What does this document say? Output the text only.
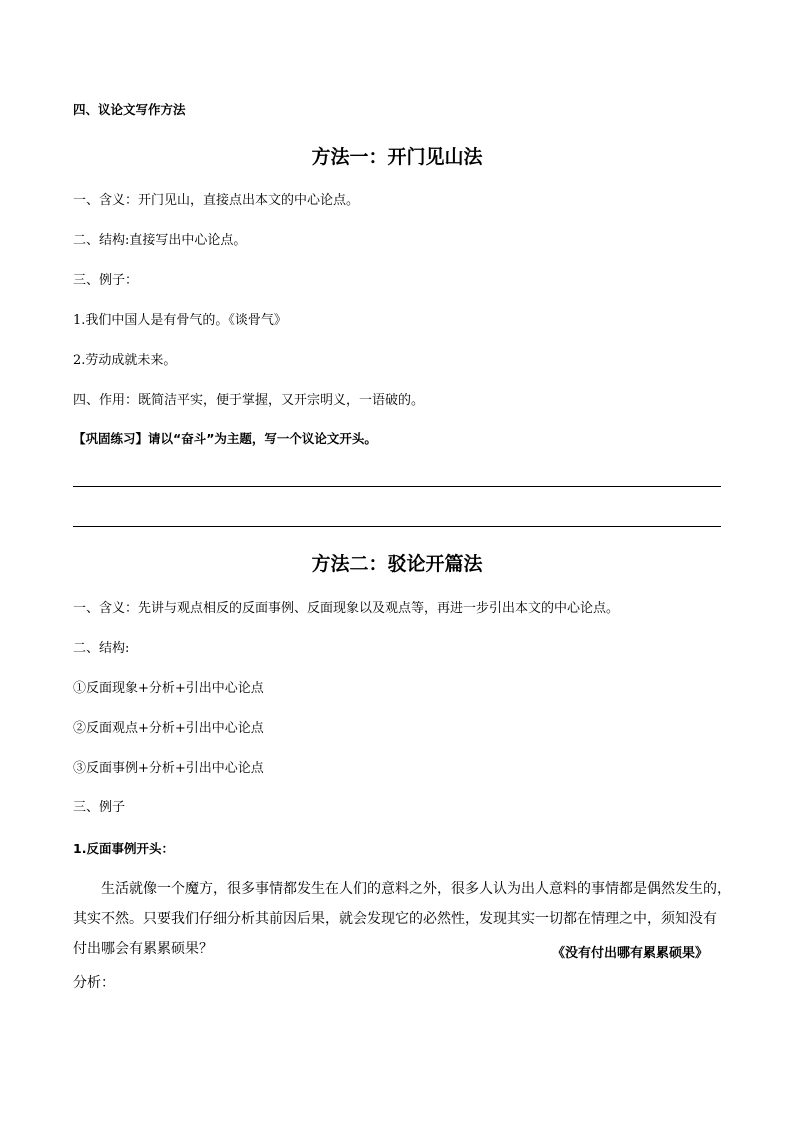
四、议论文写作方法
方法一：开门见山法
一、含义：开门见山，直接点出本文的中心论点。
二、结构:直接写出中心论点。
三、例子：
1.我们中国人是有骨气的。《谈骨气》
2.劳动成就未来。
四、作用：既简洁平实，便于掌握，又开宗明义，一语破的。
【巩固练习】请以“奋斗”为主题，写一个议论文开头。
方法二：驳论开篇法
一、含义：先讲与观点相反的反面事例、反面现象以及观点等，再进一步引出本文的中心论点。
二、结构:
①反面现象+分析+引出中心论点
②反面观点+分析+引出中心论点
③反面事例+分析+引出中心论点
三、例子
1.反面事例开头：
生活就像一个魔方，很多事情都发生在人们的意料之外，很多人认为出人意料的事情都是偶然发生的，
其实不然。只要我们仔细分析其前因后果，就会发现它的必然性，发现其实一切都在情理之中，须知没有
付出哪会有累累硕果？	《没有付出哪有累累硕果》
分析：
